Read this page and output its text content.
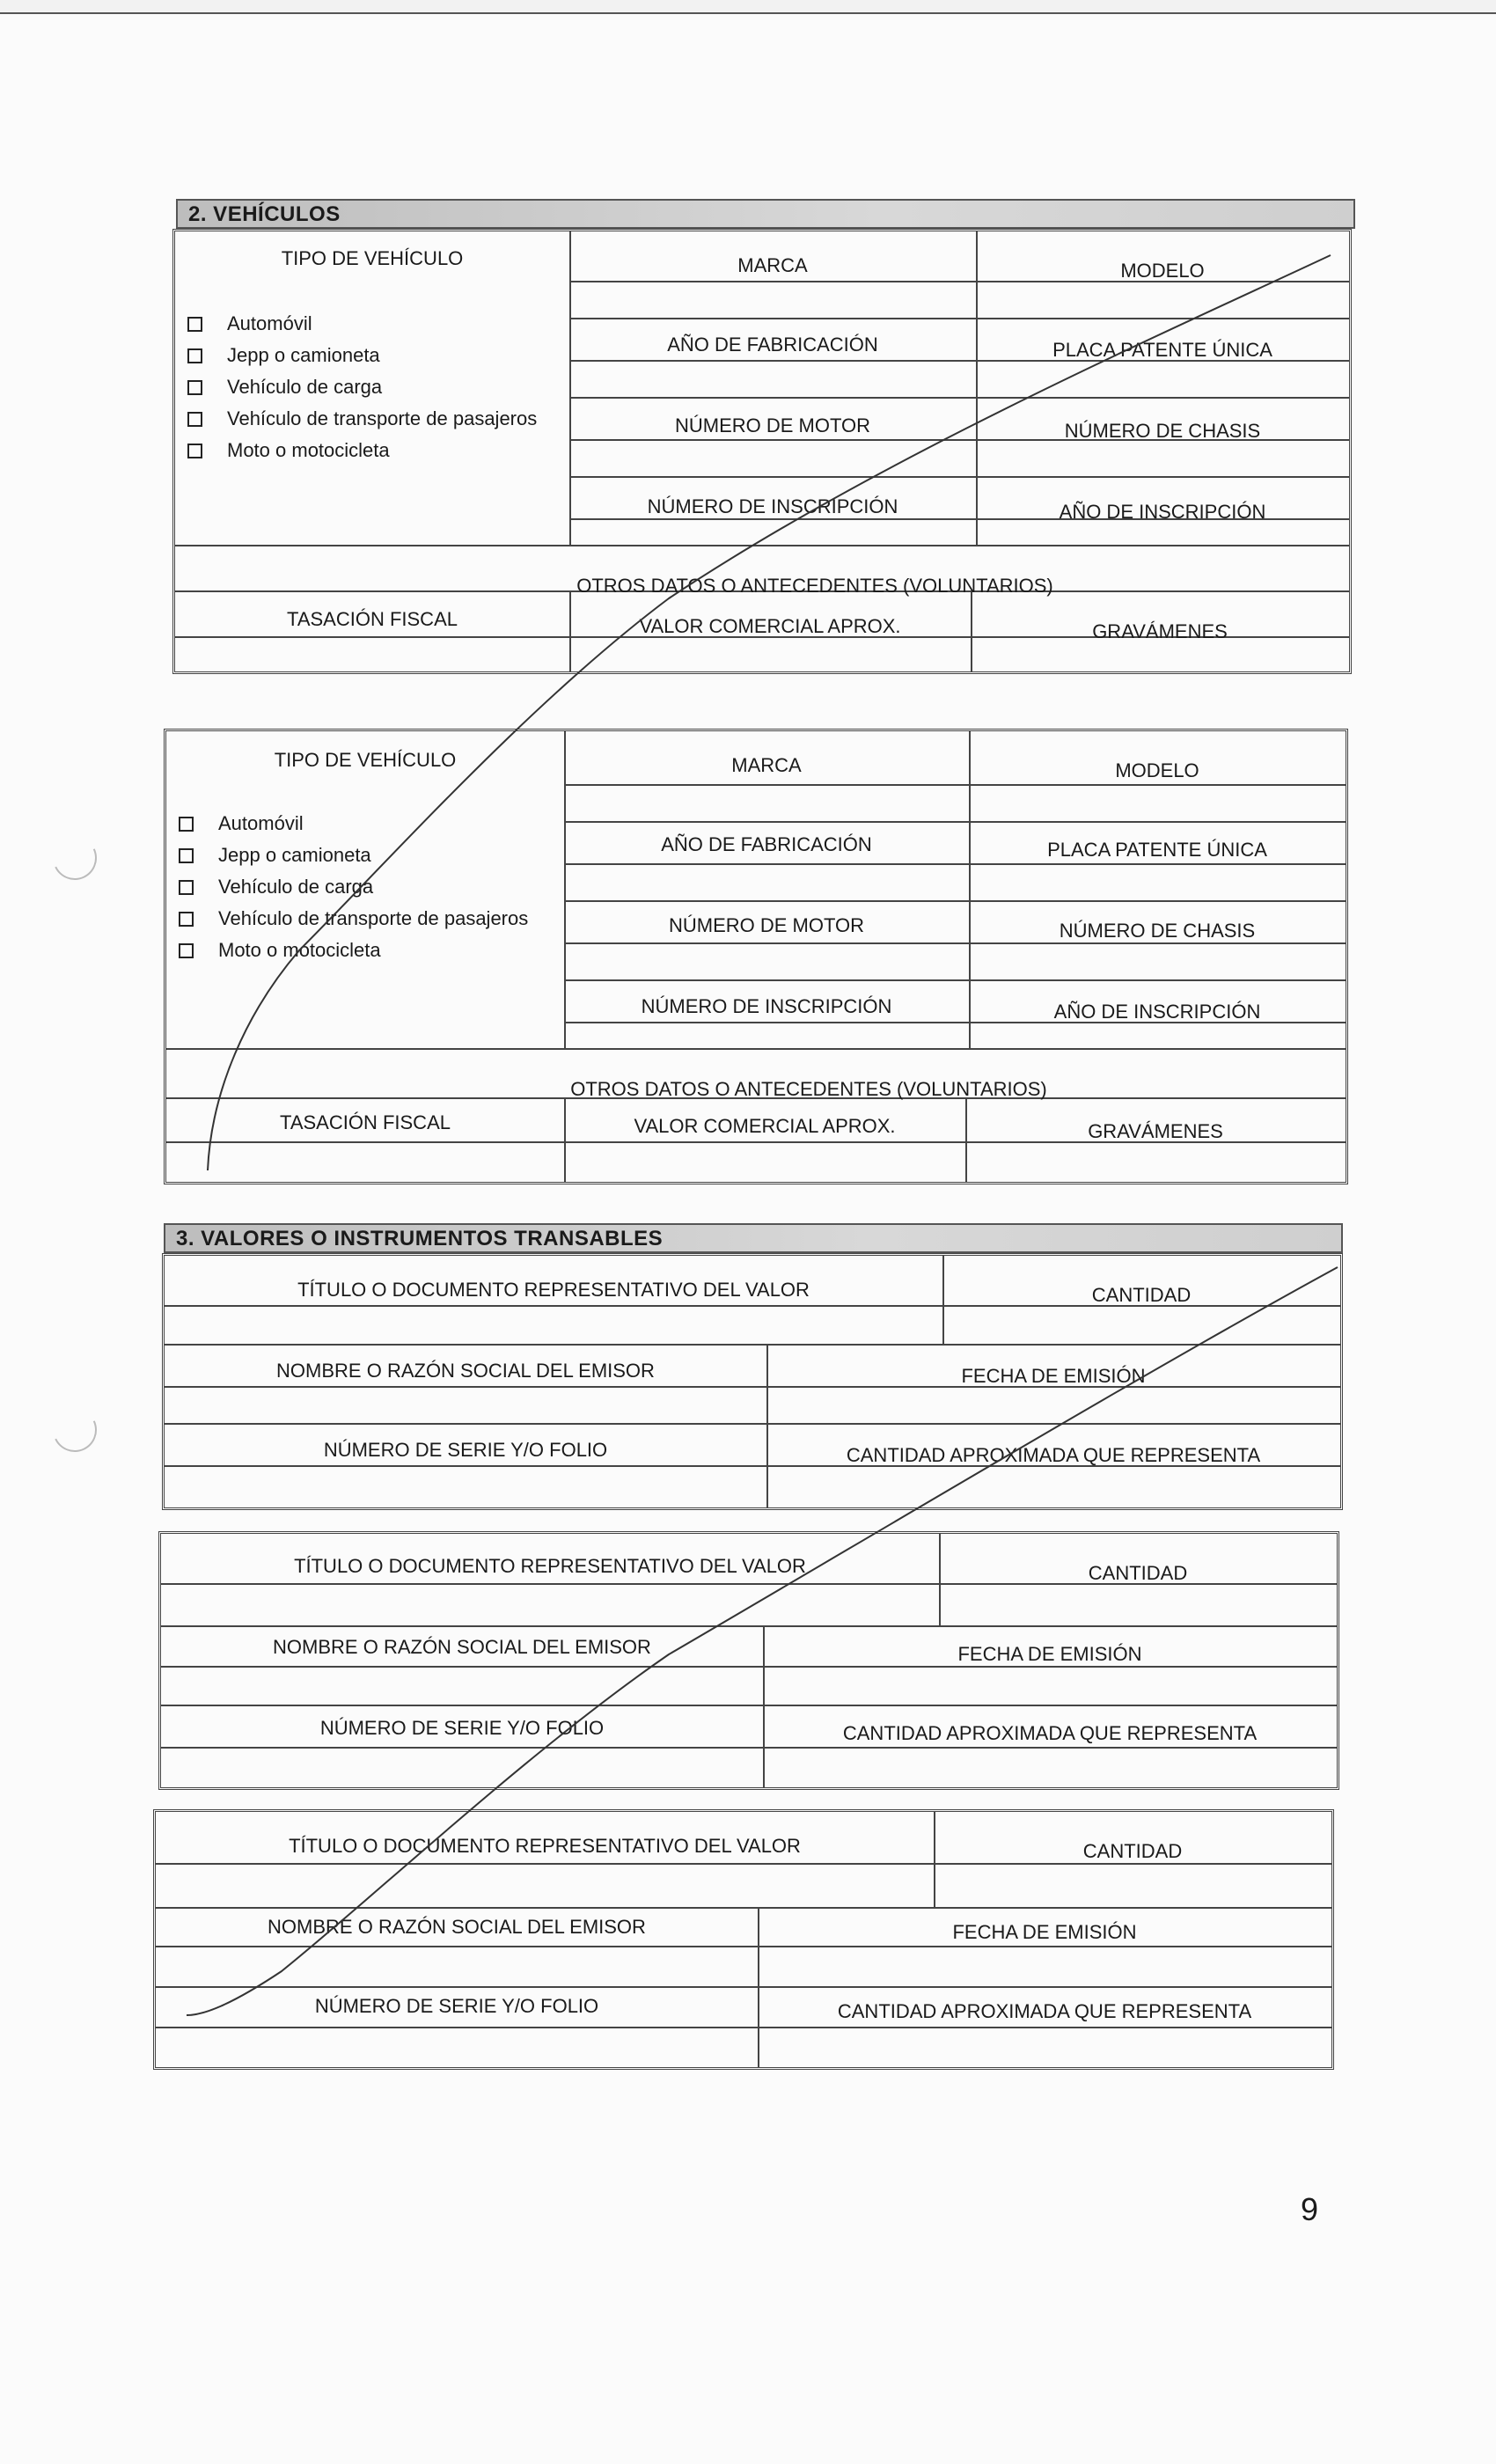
2. VEHÍCULOS
TIPO DE VEHÍCULO
Automóvil
Jepp o camioneta
Vehículo de carga
Vehículo de transporte de pasajeros
Moto o motocicleta
MARCA	MODELO
AÑO DE FABRICACIÓN	PLACA PATENTE ÚNICA
NÚMERO DE MOTOR	NÚMERO DE CHASIS
NÚMERO DE INSCRIPCIÓN	AÑO DE INSCRIPCIÓN
OTROS DATOS O ANTECEDENTES (VOLUNTARIOS)
TASACIÓN FISCAL	VALOR COMERCIAL APROX.	GRAVÁMENES
TIPO DE VEHÍCULO
Automóvil
Jepp o camioneta
Vehículo de carga
Vehículo de transporte de pasajeros
Moto o motocicleta
MARCA	MODELO
AÑO DE FABRICACIÓN	PLACA PATENTE ÚNICA
NÚMERO DE MOTOR	NÚMERO DE CHASIS
NÚMERO DE INSCRIPCIÓN	AÑO DE INSCRIPCIÓN
OTROS DATOS O ANTECEDENTES (VOLUNTARIOS)
TASACIÓN FISCAL	VALOR COMERCIAL APROX.	GRAVÁMENES
3. VALORES O INSTRUMENTOS TRANSABLES
TÍTULO O DOCUMENTO REPRESENTATIVO DEL VALOR	CANTIDAD
NOMBRE O RAZÓN SOCIAL DEL EMISOR	FECHA DE EMISIÓN
NÚMERO DE SERIE Y/O FOLIO	CANTIDAD APROXIMADA QUE REPRESENTA
TÍTULO O DOCUMENTO REPRESENTATIVO DEL VALOR	CANTIDAD
NOMBRE O RAZÓN SOCIAL DEL EMISOR	FECHA DE EMISIÓN
NÚMERO DE SERIE Y/O FOLIO	CANTIDAD APROXIMADA QUE REPRESENTA
TÍTULO O DOCUMENTO REPRESENTATIVO DEL VALOR	CANTIDAD
NOMBRE O RAZÓN SOCIAL DEL EMISOR	FECHA DE EMISIÓN
NÚMERO DE SERIE Y/O FOLIO	CANTIDAD APROXIMADA QUE REPRESENTA
9
